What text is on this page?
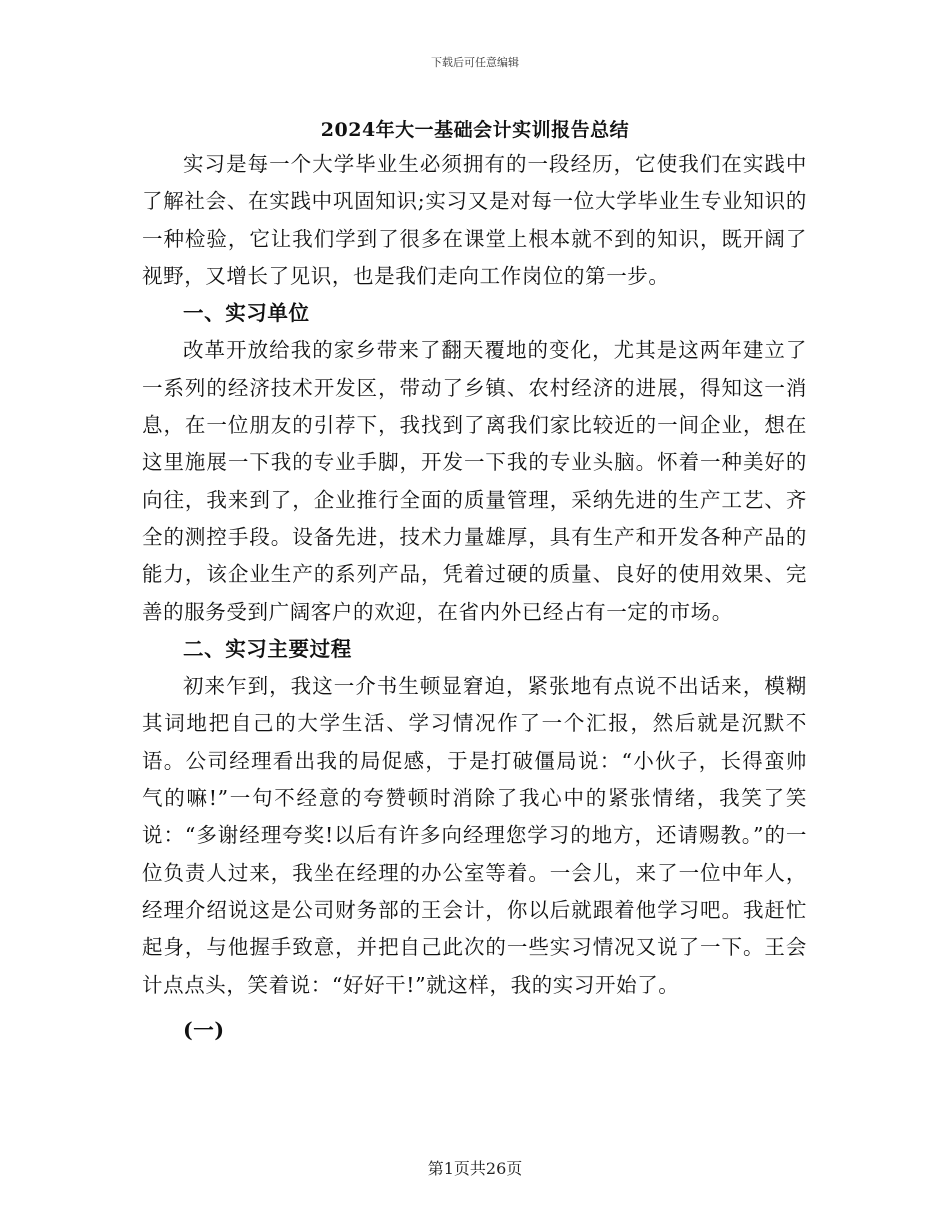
下载后可任意编辑
2024年大一基础会计实训报告总结

实习是每一个大学毕业生必须拥有的一段经历，它使我们在实践中了解社会、在实践中巩固知识;实习又是对每一位大学毕业生专业知识的一种检验，它让我们学到了很多在课堂上根本就不到的知识，既开阔了视野，又增长了见识，也是我们走向工作岗位的第一步。

一、实习单位

改革开放给我的家乡带来了翻天覆地的变化，尤其是这两年建立了一系列的经济技术开发区，带动了乡镇、农村经济的进展，得知这一消息，在一位朋友的引荐下，我找到了离我们家比较近的一间企业，想在这里施展一下我的专业手脚，开发一下我的专业头脑。怀着一种美好的向往，我来到了，企业推行全面的质量管理，采纳先进的生产工艺、齐全的测控手段。设备先进，技术力量雄厚，具有生产和开发各种产品的能力，该企业生产的系列产品，凭着过硬的质量、良好的使用效果、完善的服务受到广阔客户的欢迎，在省内外已经占有一定的市场。

二、实习主要过程

初来乍到，我这一介书生顿显窘迫，紧张地有点说不出话来，模糊其词地把自己的大学生活、学习情况作了一个汇报，然后就是沉默不语。公司经理看出我的局促感，于是打破僵局说：“小伙子，长得蛮帅气的嘛!”一句不经意的夸赞顿时消除了我心中的紧张情绪，我笑了笑说：“多谢经理夸奖!以后有许多向经理您学习的地方，还请赐教。”的一位负责人过来，我坐在经理的办公室等着。一会儿，来了一位中年人，经理介绍说这是公司财务部的王会计，你以后就跟着他学习吧。我赶忙起身，与他握手致意，并把自己此次的一些实习情况又说了一下。王会计点点头，笑着说：“好好干!”就这样，我的实习开始了。

(一)
第1页共26页
